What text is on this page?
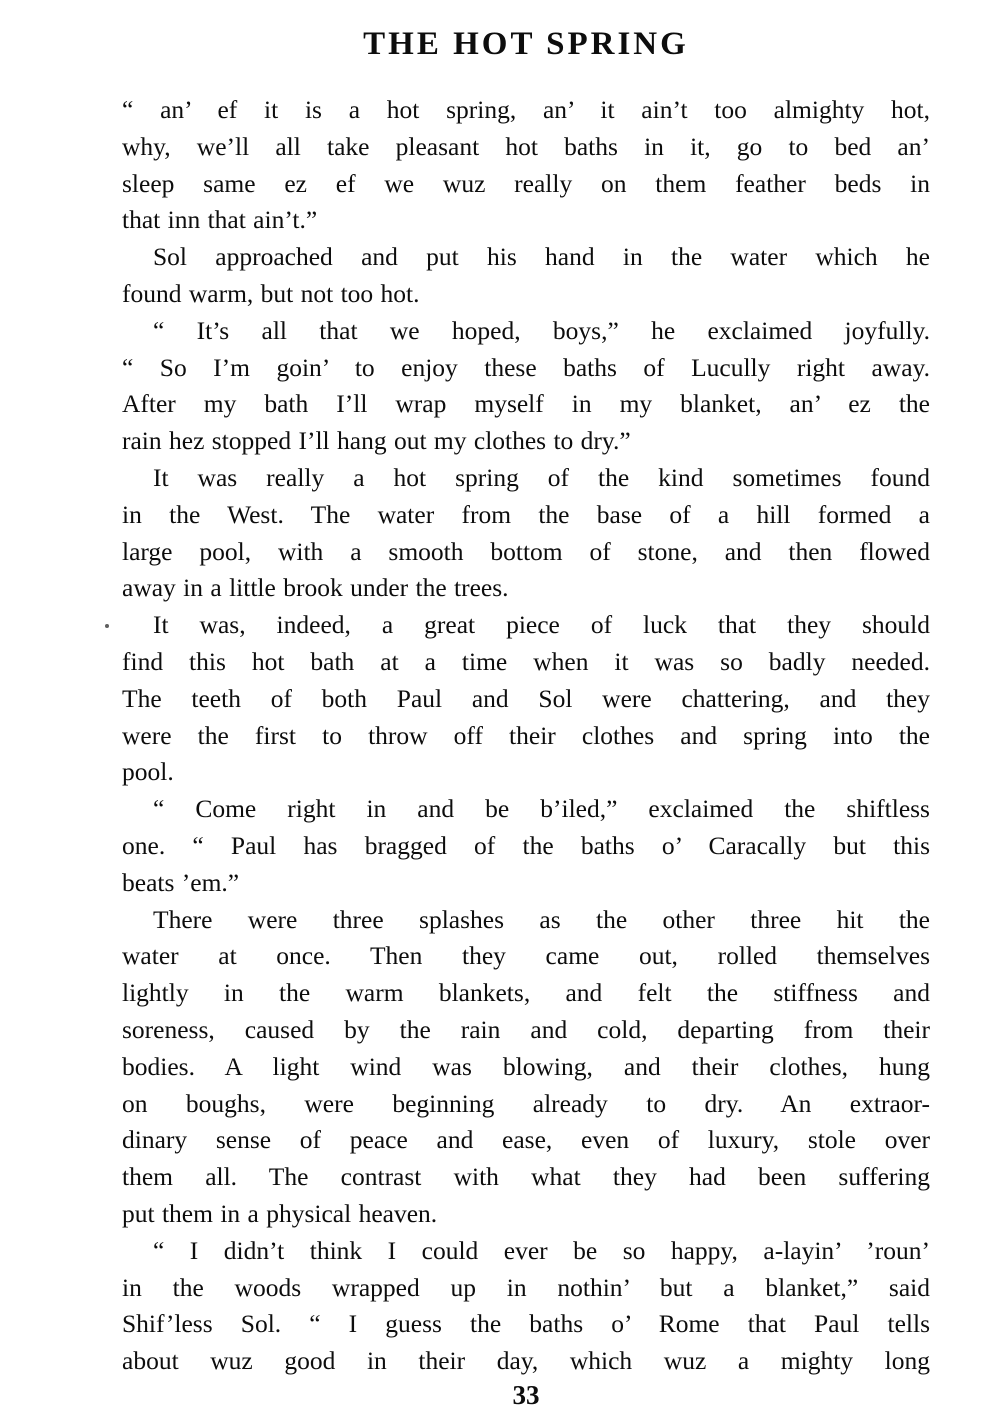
THE HOT SPRING
“ an’ ef it is a hot spring, an’ it ain’t too almighty hot,
why, we’ll all take pleasant hot baths in it, go to bed an’
sleep same ez ef we wuz really on them feather beds in
that inn that ain’t.”
Sol approached and put his hand in the water which he
found warm, but not too hot.
“ It’s all that we hoped, boys,” he exclaimed joyfully.
“ So I’m goin’ to enjoy these baths of Lucully right away.
After my bath I’ll wrap myself in my blanket, an’ ez the
rain hez stopped I’ll hang out my clothes to dry.”
It was really a hot spring of the kind sometimes found
in the West. The water from the base of a hill formed a
large pool, with a smooth bottom of stone, and then flowed
away in a little brook under the trees.
It was, indeed, a great piece of luck that they should
find this hot bath at a time when it was so badly needed.
The teeth of both Paul and Sol were chattering, and they
were the first to throw off their clothes and spring into the
pool.
“ Come right in and be b’iled,” exclaimed the shiftless
one. “ Paul has bragged of the baths o’ Caracally but this
beats ’em.”
There were three splashes as the other three hit the
water at once. Then they came out, rolled themselves
lightly in the warm blankets, and felt the stiffness and
soreness, caused by the rain and cold, departing from their
bodies. A light wind was blowing, and their clothes, hung
on boughs, were beginning already to dry. An extraor-
dinary sense of peace and ease, even of luxury, stole over
them all. The contrast with what they had been suffering
put them in a physical heaven.
“ I didn’t think I could ever be so happy, a-layin’ ’roun’
in the woods wrapped up in nothin’ but a blanket,” said
Shif’less Sol. “ I guess the baths o’ Rome that Paul tells
about wuz good in their day, which wuz a mighty long
33
